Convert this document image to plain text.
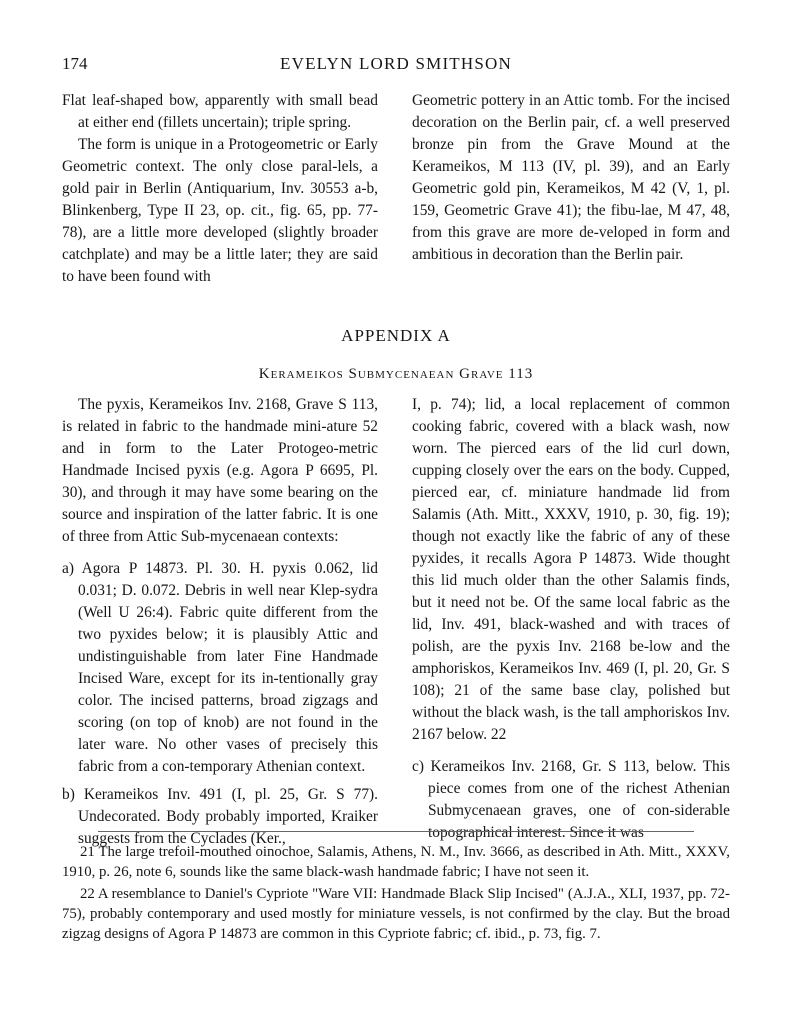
174	EVELYN LORD SMITHSON

Flat leaf-shaped bow, apparently with small bead at either end (fillets uncertain); triple spring.

The form is unique in a Protogeometric or Early Geometric context. The only close paral-lels, a gold pair in Berlin (Antiquarium, Inv. 30553 a-b, Blinkenberg, Type II 23, op. cit., fig. 65, pp. 77-78), are a little more developed (slightly broader catchplate) and may be a little later; they are said to have been found with

Geometric pottery in an Attic tomb. For the incised decoration on the Berlin pair, cf. a well preserved bronze pin from the Grave Mound at the Kerameikos, M 113 (IV, pl. 39), and an Early Geometric gold pin, Kerameikos, M 42 (V, 1, pl. 159, Geometric Grave 41); the fibu-lae, M 47, 48, from this grave are more de-veloped in form and ambitious in decoration than the Berlin pair.

APPENDIX A
Kerameikos Submycenaean Grave 113

The pyxis, Kerameikos Inv. 2168, Grave S 113, is related in fabric to the handmade mini-ature 52 and in form to the Later Protogeo-metric Handmade Incised pyxis (e.g. Agora P 6695, Pl. 30), and through it may have some bearing on the source and inspiration of the latter fabric. It is one of three from Attic Sub-mycenaean contexts:

a) Agora P 14873. Pl. 30. H. pyxis 0.062, lid 0.031; D. 0.072. Debris in well near Klep-sydra (Well U 26:4). Fabric quite different from the two pyxides below; it is plausibly Attic and undistinguishable from later Fine Handmade Incised Ware, except for its in-tentionally gray color. The incised patterns, broad zigzags and scoring (on top of knob) are not found in the later ware. No other vases of precisely this fabric from a con-temporary Athenian context.

b) Kerameikos Inv. 491 (I, pl. 25, Gr. S 77). Undecorated. Body probably imported, Kraiker suggests from the Cyclades (Ker.,

I, p. 74); lid, a local replacement of common cooking fabric, covered with a black wash, now worn. The pierced ears of the lid curl down, cupping closely over the ears on the body. Cupped, pierced ear, cf. miniature handmade lid from Salamis (Ath. Mitt., XXXV, 1910, p. 30, fig. 19); though not exactly like the fabric of any of these pyxides, it recalls Agora P 14873. Wide thought this lid much older than the other Salamis finds, but it need not be. Of the same local fabric as the lid, Inv. 491, black-washed and with traces of polish, are the pyxis Inv. 2168 be-low and the amphoriskos, Kerameikos Inv. 469 (I, pl. 20, Gr. S 108); 21 of the same base clay, polished but without the black wash, is the tall amphoriskos Inv. 2167 below. 22

c) Kerameikos Inv. 2168, Gr. S 113, below. This piece comes from one of the richest Athenian Submycenaean graves, one of con-siderable topographical interest. Since it was

21 The large trefoil-mouthed oinochoe, Salamis, Athens, N. M., Inv. 3666, as described in Ath. Mitt., XXXV, 1910, p. 26, note 6, sounds like the same black-wash handmade fabric; I have not seen it.

22 A resemblance to Daniel's Cypriote "Ware VII: Handmade Black Slip Incised" (A.J.A., XLI, 1937, pp. 72-75), probably contemporary and used mostly for miniature vessels, is not confirmed by the clay. But the broad zigzag designs of Agora P 14873 are common in this Cypriote fabric; cf. ibid., p. 73, fig. 7.
